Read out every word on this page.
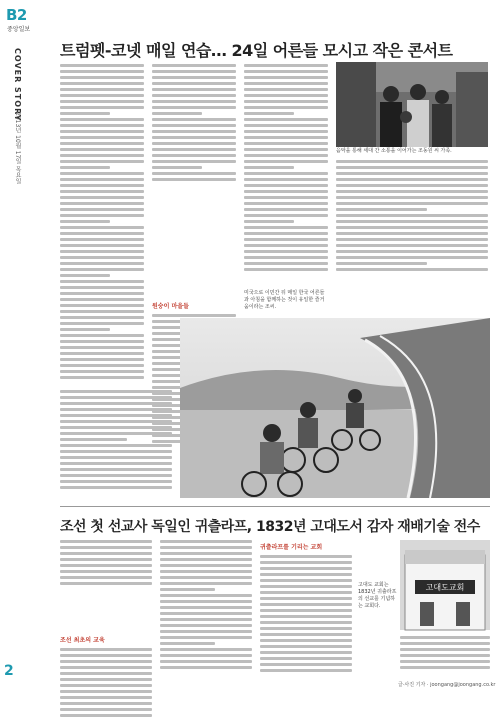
B2
중앙일보
COVER STORY
2013년 10월 17일 목요일
트럼펫-코넷 매일 연습… 24일 어른들 모시고 작은 콘서트
원숭이 마을들
음악을 통해 세대 간 소통을 이어가는 조동원 씨 가족.
미국으로 이민간 뒤 매일 한국 어른들과 아침을 함께하는 것이 유일한 즐거움이라는 조씨.
조선 첫 선교사 독일인 귀츨라프, 1832년 고대도서 감자 재배기술 전수
조선 최초의 교육
귀츨라프를 기리는 교회
고대도교회
고대도 교회는 1832년 귀츨라프의 선교를 기념하는 교회다.
2
글·사진 기자 · joongang@joongang.co.kr
